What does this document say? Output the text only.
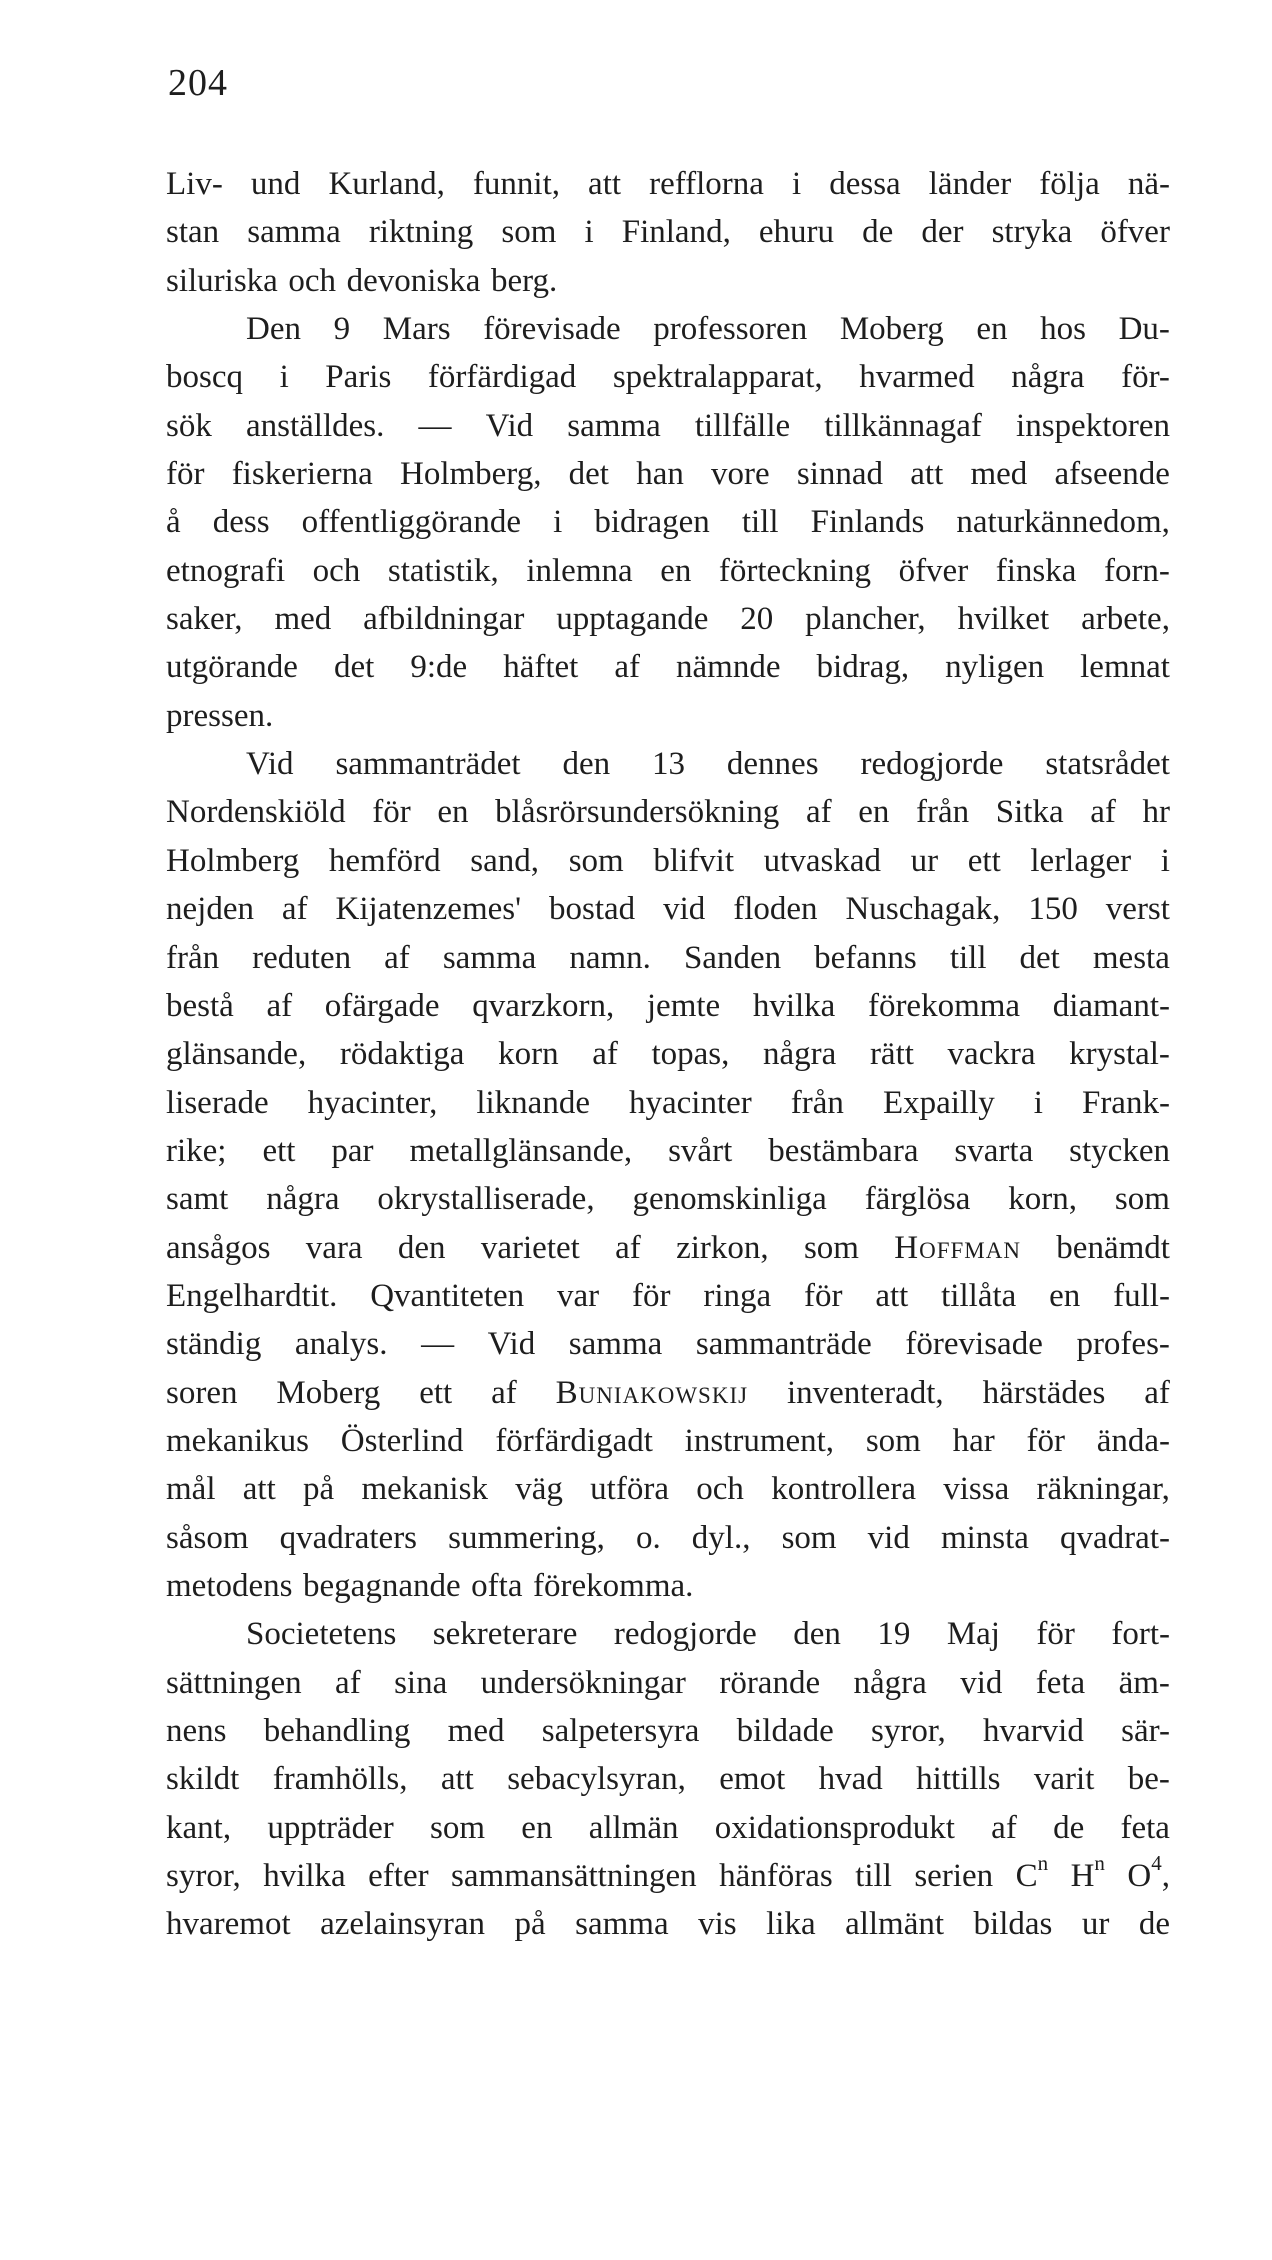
204
Liv- und Kurland, funnit, att refflorna i dessa länder följa nä-
stan samma riktning som i Finland, ehuru de der stryka öfver
siluriska och devoniska berg.
Den 9 Mars förevisade professoren Moberg en hos Du-
boscq i Paris förfärdigad spektralapparat, hvarmed några för-
sök anställdes. — Vid samma tillfälle tillkännagaf inspektoren
för fiskerierna Holmberg, det han vore sinnad att med afseende
å dess offentliggörande i bidragen till Finlands naturkännedom,
etnografi och statistik, inlemna en förteckning öfver finska forn-
saker, med afbildningar upptagande 20 plancher, hvilket arbete,
utgörande det 9:de häftet af nämnde bidrag, nyligen lemnat
pressen.
Vid sammanträdet den 13 dennes redogjorde statsrådet
Nordenskiöld för en blåsrörsundersökning af en från Sitka af hr
Holmberg hemförd sand, som blifvit utvaskad ur ett lerlager i
nejden af Kijatenzemes' bostad vid floden Nuschagak, 150 verst
från reduten af samma namn. Sanden befanns till det mesta
bestå af ofärgade qvarzkorn, jemte hvilka förekomma diamant-
glänsande, rödaktiga korn af topas, några rätt vackra krystal-
liserade hyacinter, liknande hyacinter från Expailly i Frank-
rike; ett par metallglänsande, svårt bestämbara svarta stycken
samt några okrystalliserade, genomskinliga färglösa korn, som
ansågos vara den varietet af zirkon, som Hoffman benämdt
Engelhardtit. Qvantiteten var för ringa för att tillåta en full-
ständig analys. — Vid samma sammanträde förevisade profes-
soren Moberg ett af Buniakowskij inventeradt, härstädes af
mekanikus Österlind förfärdigadt instrument, som har för ända-
mål att på mekanisk väg utföra och kontrollera vissa räkningar,
såsom qvadraters summering, o. dyl., som vid minsta qvadrat-
metodens begagnande ofta förekomma.
Societetens sekreterare redogjorde den 19 Maj för fort-
sättningen af sina undersökningar rörande några vid feta äm-
nens behandling med salpetersyra bildade syror, hvarvid sär-
skildt framhölls, att sebacylsyran, emot hvad hittills varit be-
kant, uppträder som en allmän oxidationsprodukt af de feta
syror, hvilka efter sammansättningen hänföras till serien $C^n$ $H^n$ $O^4$,
hvaremot azelainsyran på samma vis lika allmänt bildas ur de
